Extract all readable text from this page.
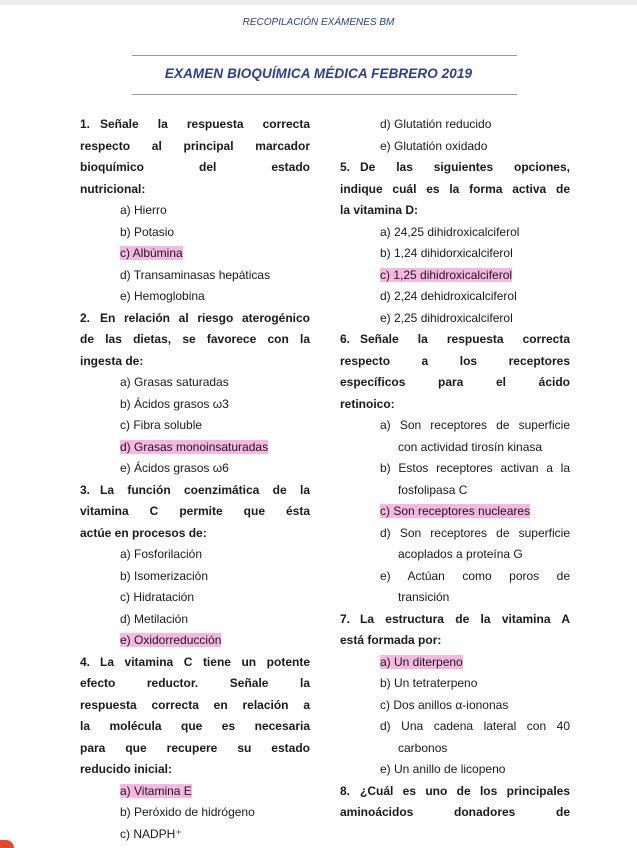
RECOPILACIÓN EXÁMENES BM
EXAMEN BIOQUÍMICA MÉDICA FEBRERO 2019
1. Señale la respuesta correcta
respecto al principal marcador
bioquímico del estado
nutricional:
a) Hierro
b) Potasio
c) Albúmina
d) Transaminasas hepáticas
e) Hemoglobina
2. En relación al riesgo aterogénico
de las dietas, se favorece con la
ingesta de:
a) Grasas saturadas
b) Ácidos grasos ω3
c) Fibra soluble
d) Grasas monoinsaturadas
e) Ácidos grasos ω6
3. La función coenzimática de la
vitamina C permite que ésta
actúe en procesos de:
a) Fosforilación
b) Isomerización
c) Hidratación
d) Metilación
e) Oxidorreducción
4. La vitamina C tiene un potente
efecto reductor. Señale la
respuesta correcta en relación a
la molécula que es necesaria
para que recupere su estado
reducido inicial:
a) Vitamina E
b) Peróxido de hidrógeno
c) NADPH⁺
d) Glutatión reducido
e) Glutatión oxidado
5. De las siguientes opciones,
indique cuál es la forma activa de
la vitamina D:
a) 24,25 dihidroxicalciferol
b) 1,24 dihidorxicalciferol
c) 1,25 dihidroxicalciferol
d) 2,24 dehidroxicalciferol
e) 2,25 dihidroxicalciferol
6. Señale la respuesta correcta
respecto a los receptores
específicos para el ácido
retinoico:
a) Son receptores de superficie
con actividad tirosín kinasa
b) Estos receptores activan a la
fosfolipasa C
c) Son receptores nucleares
d) Son receptores de superficie
acoplados a proteína G
e) Actúan como poros de
transición
7. La estructura de la vitamina A
está formada por:
a) Un diterpeno
b) Un tetraterpeno
c) Dos anillos α-iononas
d) Una cadena lateral con 40
carbonos
e) Un anillo de licopeno
8. ¿Cuál es uno de los principales
aminoácidos donadores de
